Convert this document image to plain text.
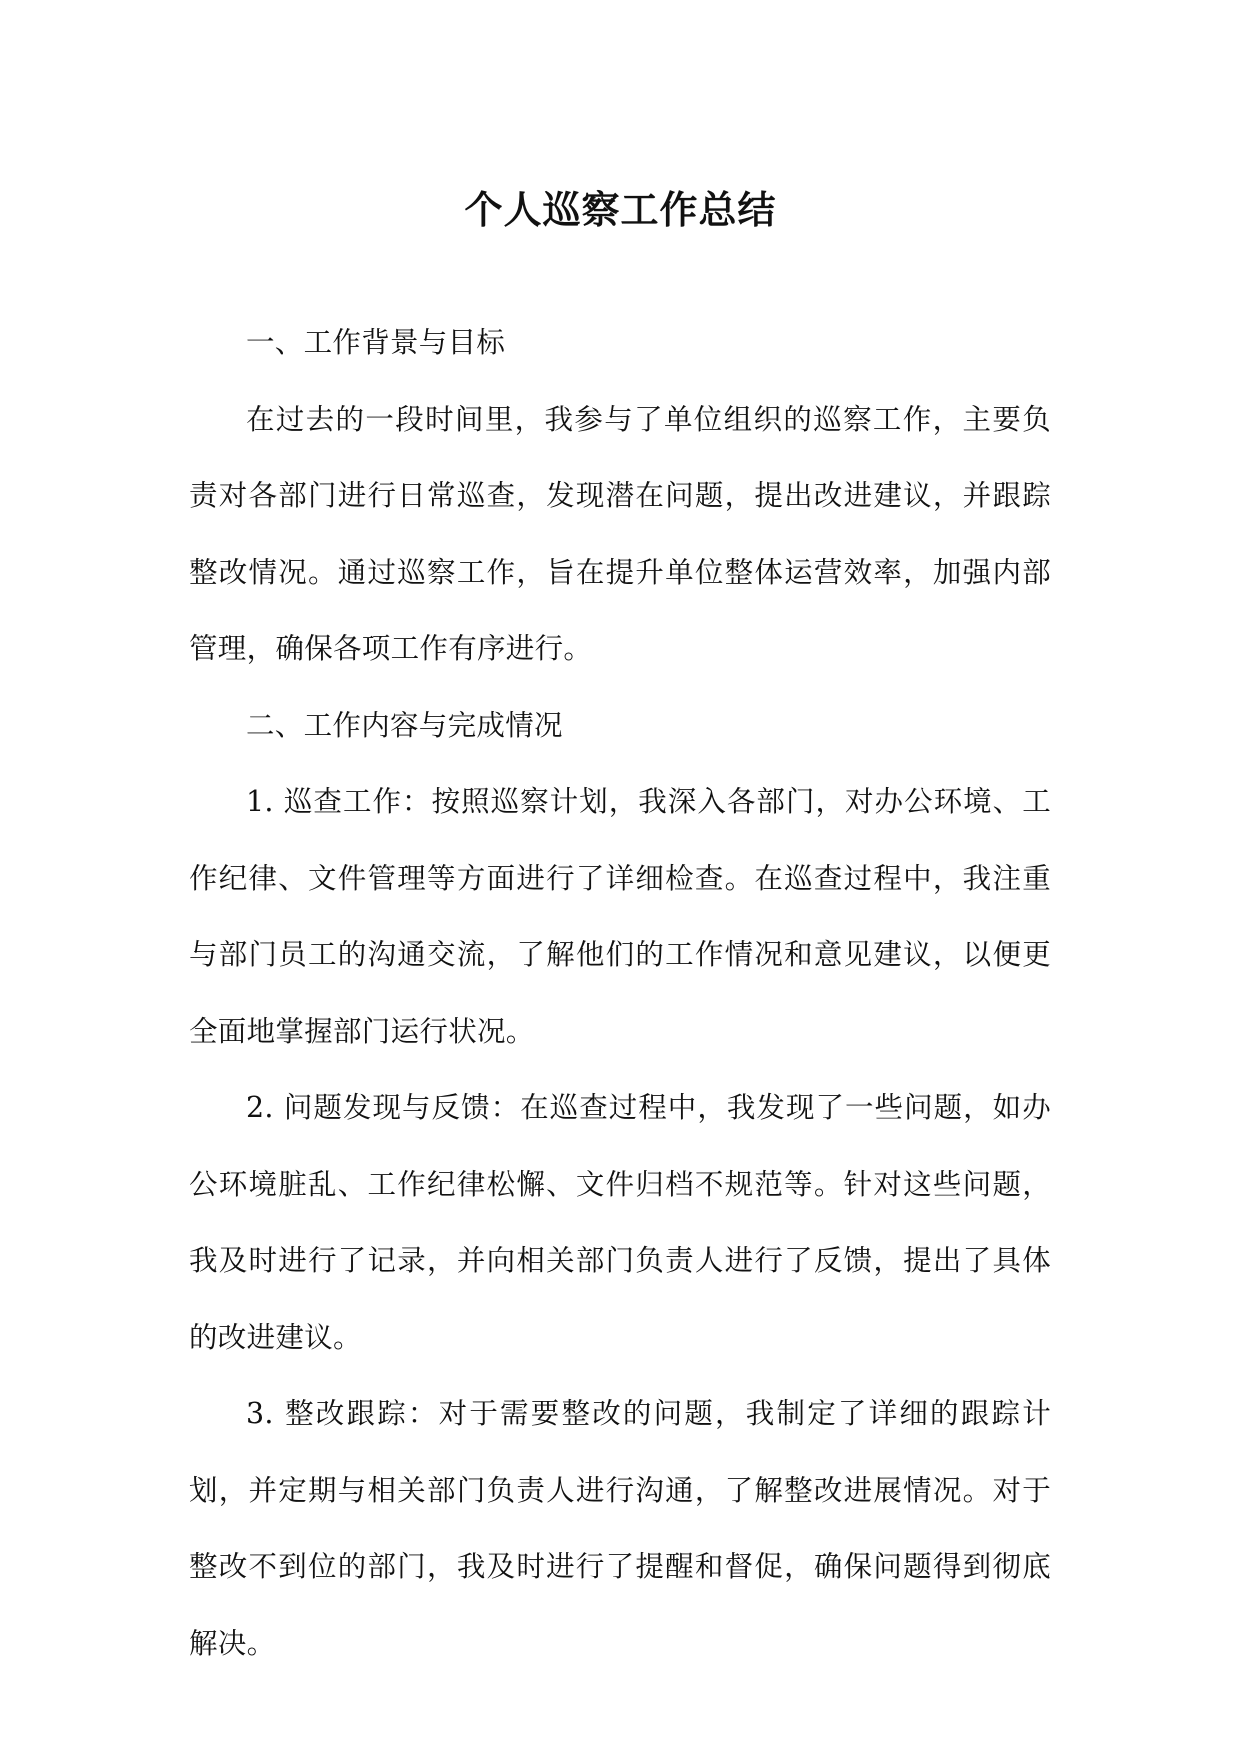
个人巡察工作总结

一、工作背景与目标

在过去的一段时间里，我参与了单位组织的巡察工作，主要负责对各部门进行日常巡查，发现潜在问题，提出改进建议，并跟踪整改情况。通过巡察工作，旨在提升单位整体运营效率，加强内部管理，确保各项工作有序进行。

二、工作内容与完成情况

1. 巡查工作：按照巡察计划，我深入各部门，对办公环境、工作纪律、文件管理等方面进行了详细检查。在巡查过程中，我注重与部门员工的沟通交流，了解他们的工作情况和意见建议，以便更全面地掌握部门运行状况。

2. 问题发现与反馈：在巡查过程中，我发现了一些问题，如办公环境脏乱、工作纪律松懈、文件归档不规范等。针对这些问题，我及时进行了记录，并向相关部门负责人进行了反馈，提出了具体的改进建议。

3. 整改跟踪：对于需要整改的问题，我制定了详细的跟踪计划，并定期与相关部门负责人进行沟通，了解整改进展情况。对于整改不到位的部门，我及时进行了提醒和督促，确保问题得到彻底解决。
